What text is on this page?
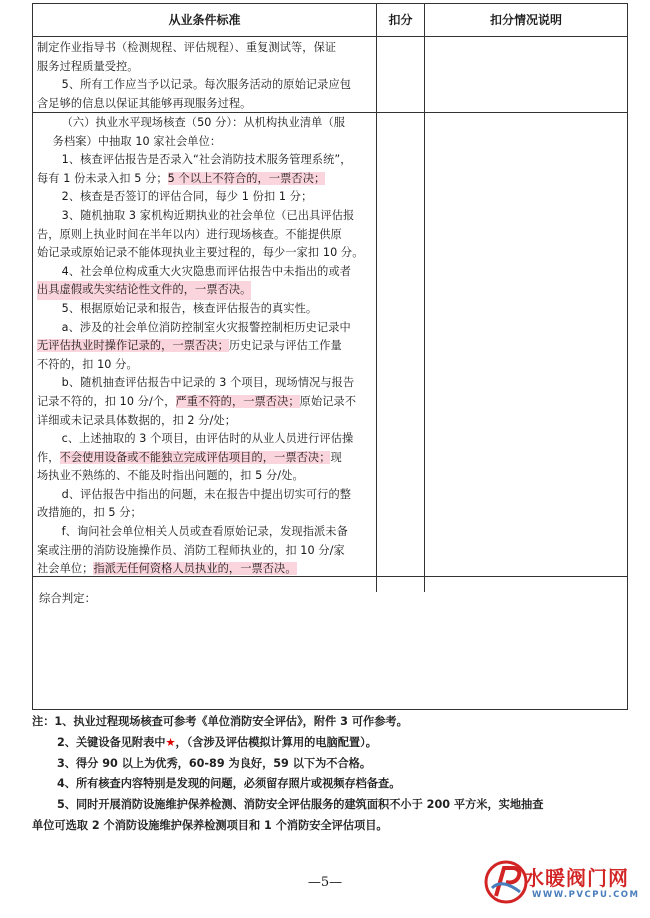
从业条件标准	扣分	扣分情况说明

制定作业指导书（检测规程、评估规程）、重复测试等，保证

服务过程质量受控。

5、所有工作应当予以记录。每次服务活动的原始记录应包

含足够的信息以保证其能够再现服务过程。

（六）执业水平现场核查（50 分）：从机构执业清单（服

务档案）中抽取 10 家社会单位：

1、核查评估报告是否录入“社会消防技术服务管理系统”，

每有 1 份未录入扣 5 分；5 个以上不符合的，一票否决；

2、核查是否签订的评估合同，每少 1 份扣 1 分；

3、随机抽取 3 家机构近期执业的社会单位（已出具评估报

告，原则上执业时间在半年以内）进行现场核查。不能提供原

始记录或原始记录不能体现执业主要过程的，每少一家扣 10 分。

4、社会单位构成重大火灾隐患而评估报告中未指出的或者

出具虚假或失实结论性文件的，一票否决。

5、根据原始记录和报告，核查评估报告的真实性。

a、涉及的社会单位消防控制室火灾报警控制柜历史记录中

无评估执业时操作记录的，一票否决；历史记录与评估工作量

不符的，扣 10 分。

b、随机抽查评估报告中记录的 3 个项目，现场情况与报告

记录不符的，扣 10 分/个，严重不符的，一票否决；原始记录不

详细或未记录具体数据的，扣 2 分/处；

c、上述抽取的 3 个项目，由评估时的从业人员进行评估操

作，不会使用设备或不能独立完成评估项目的，一票否决；现

场执业不熟练的、不能及时指出问题的，扣 5 分/处。

d、评估报告中指出的问题，未在报告中提出切实可行的整

改措施的，扣 5 分；

f、询问社会单位相关人员或查看原始记录，发现指派未备

案或注册的消防设施操作员、消防工程师执业的，扣 10 分/家

社会单位；指派无任何资格人员执业的，一票否决。

综合判定：

注：1、执业过程现场核查可参考《单位消防安全评估》，附件 3 可作参考。

2、关键设备见附表中★，（含涉及评估模拟计算用的电脑配置）。

3、得分 90 以上为优秀，60-89 为良好，59 以下为不合格。

4、所有核查内容特别是发现的问题，必须留存照片或视频存档备查。

5、同时开展消防设施维护保养检测、消防安全评估服务的建筑面积不小于 200 平方米，实地抽查

单位可选取 2 个消防设施维护保养检测项目和 1 个消防安全评估项目。

—5—	水暖阀门网
WWW.PVCPU.COM
